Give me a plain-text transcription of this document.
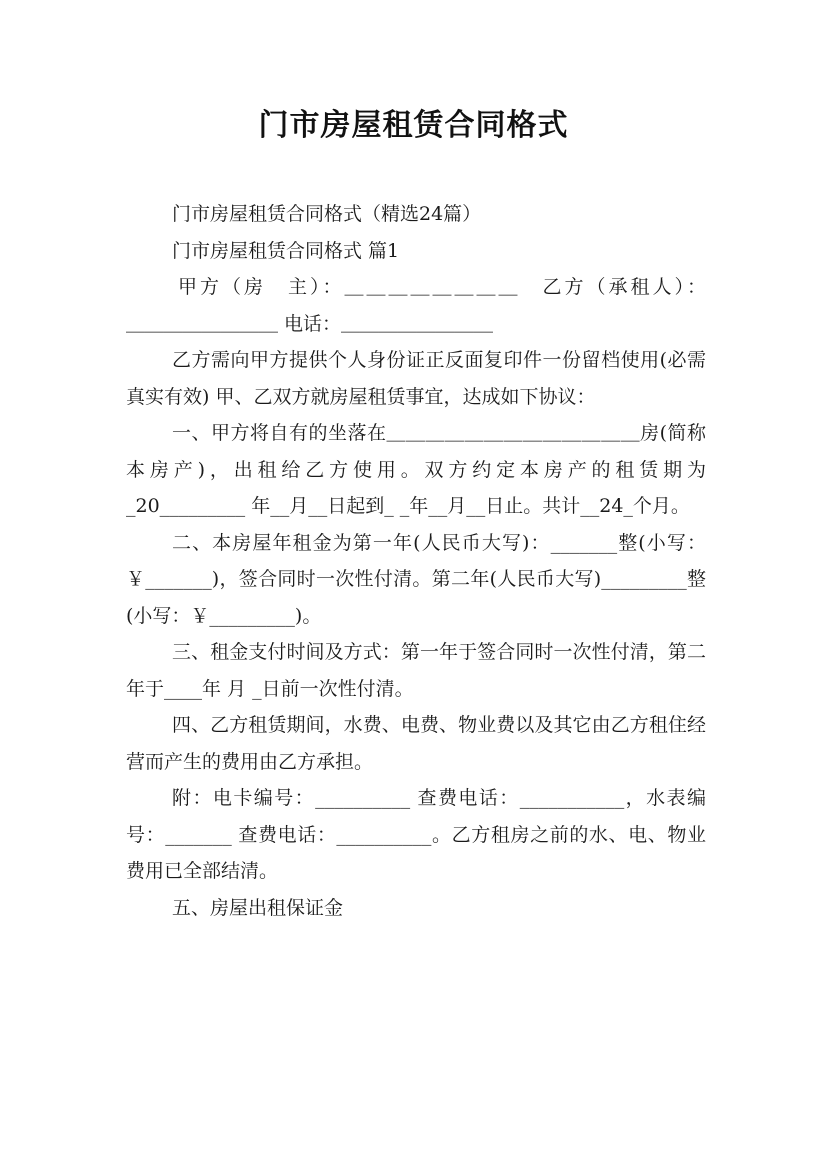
门市房屋租赁合同格式

门市房屋租赁合同格式（精选24篇）

门市房屋租赁合同格式 篇1

甲方（房　主）：＿＿＿＿＿＿＿＿　乙方（承租人）：

＿＿＿＿＿＿＿＿ 电话：＿＿＿＿＿＿＿＿

乙方需向甲方提供个人身份证正反面复印件一份留档使用(必需真实有效) 甲、乙双方就房屋租赁事宜，达成如下协议：

一、甲方将自有的坐落在＿＿＿＿＿＿＿＿＿＿＿＿＿房(简称本房产)，出租给乙方使用。双方约定本房产的租赁期为_20_________ 年__月__日起到_ _年__月__日止。共计__24_个月。

二、本房屋年租金为第一年(人民币大写)：_______整(小写：￥_______)，签合同时一次性付清。第二年(人民币大写)_________整(小写：￥_________)。

三、租金支付时间及方式：第一年于签合同时一次性付清，第二年于____年 月 _日前一次性付清。

四、乙方租赁期间，水费、电费、物业费以及其它由乙方租住经营而产生的费用由乙方承担。

附：电卡编号：__________ 查费电话：___________，水表编号：_______ 查费电话：__________。乙方租房之前的水、电、物业费用已全部结清。

五、房屋出租保证金
